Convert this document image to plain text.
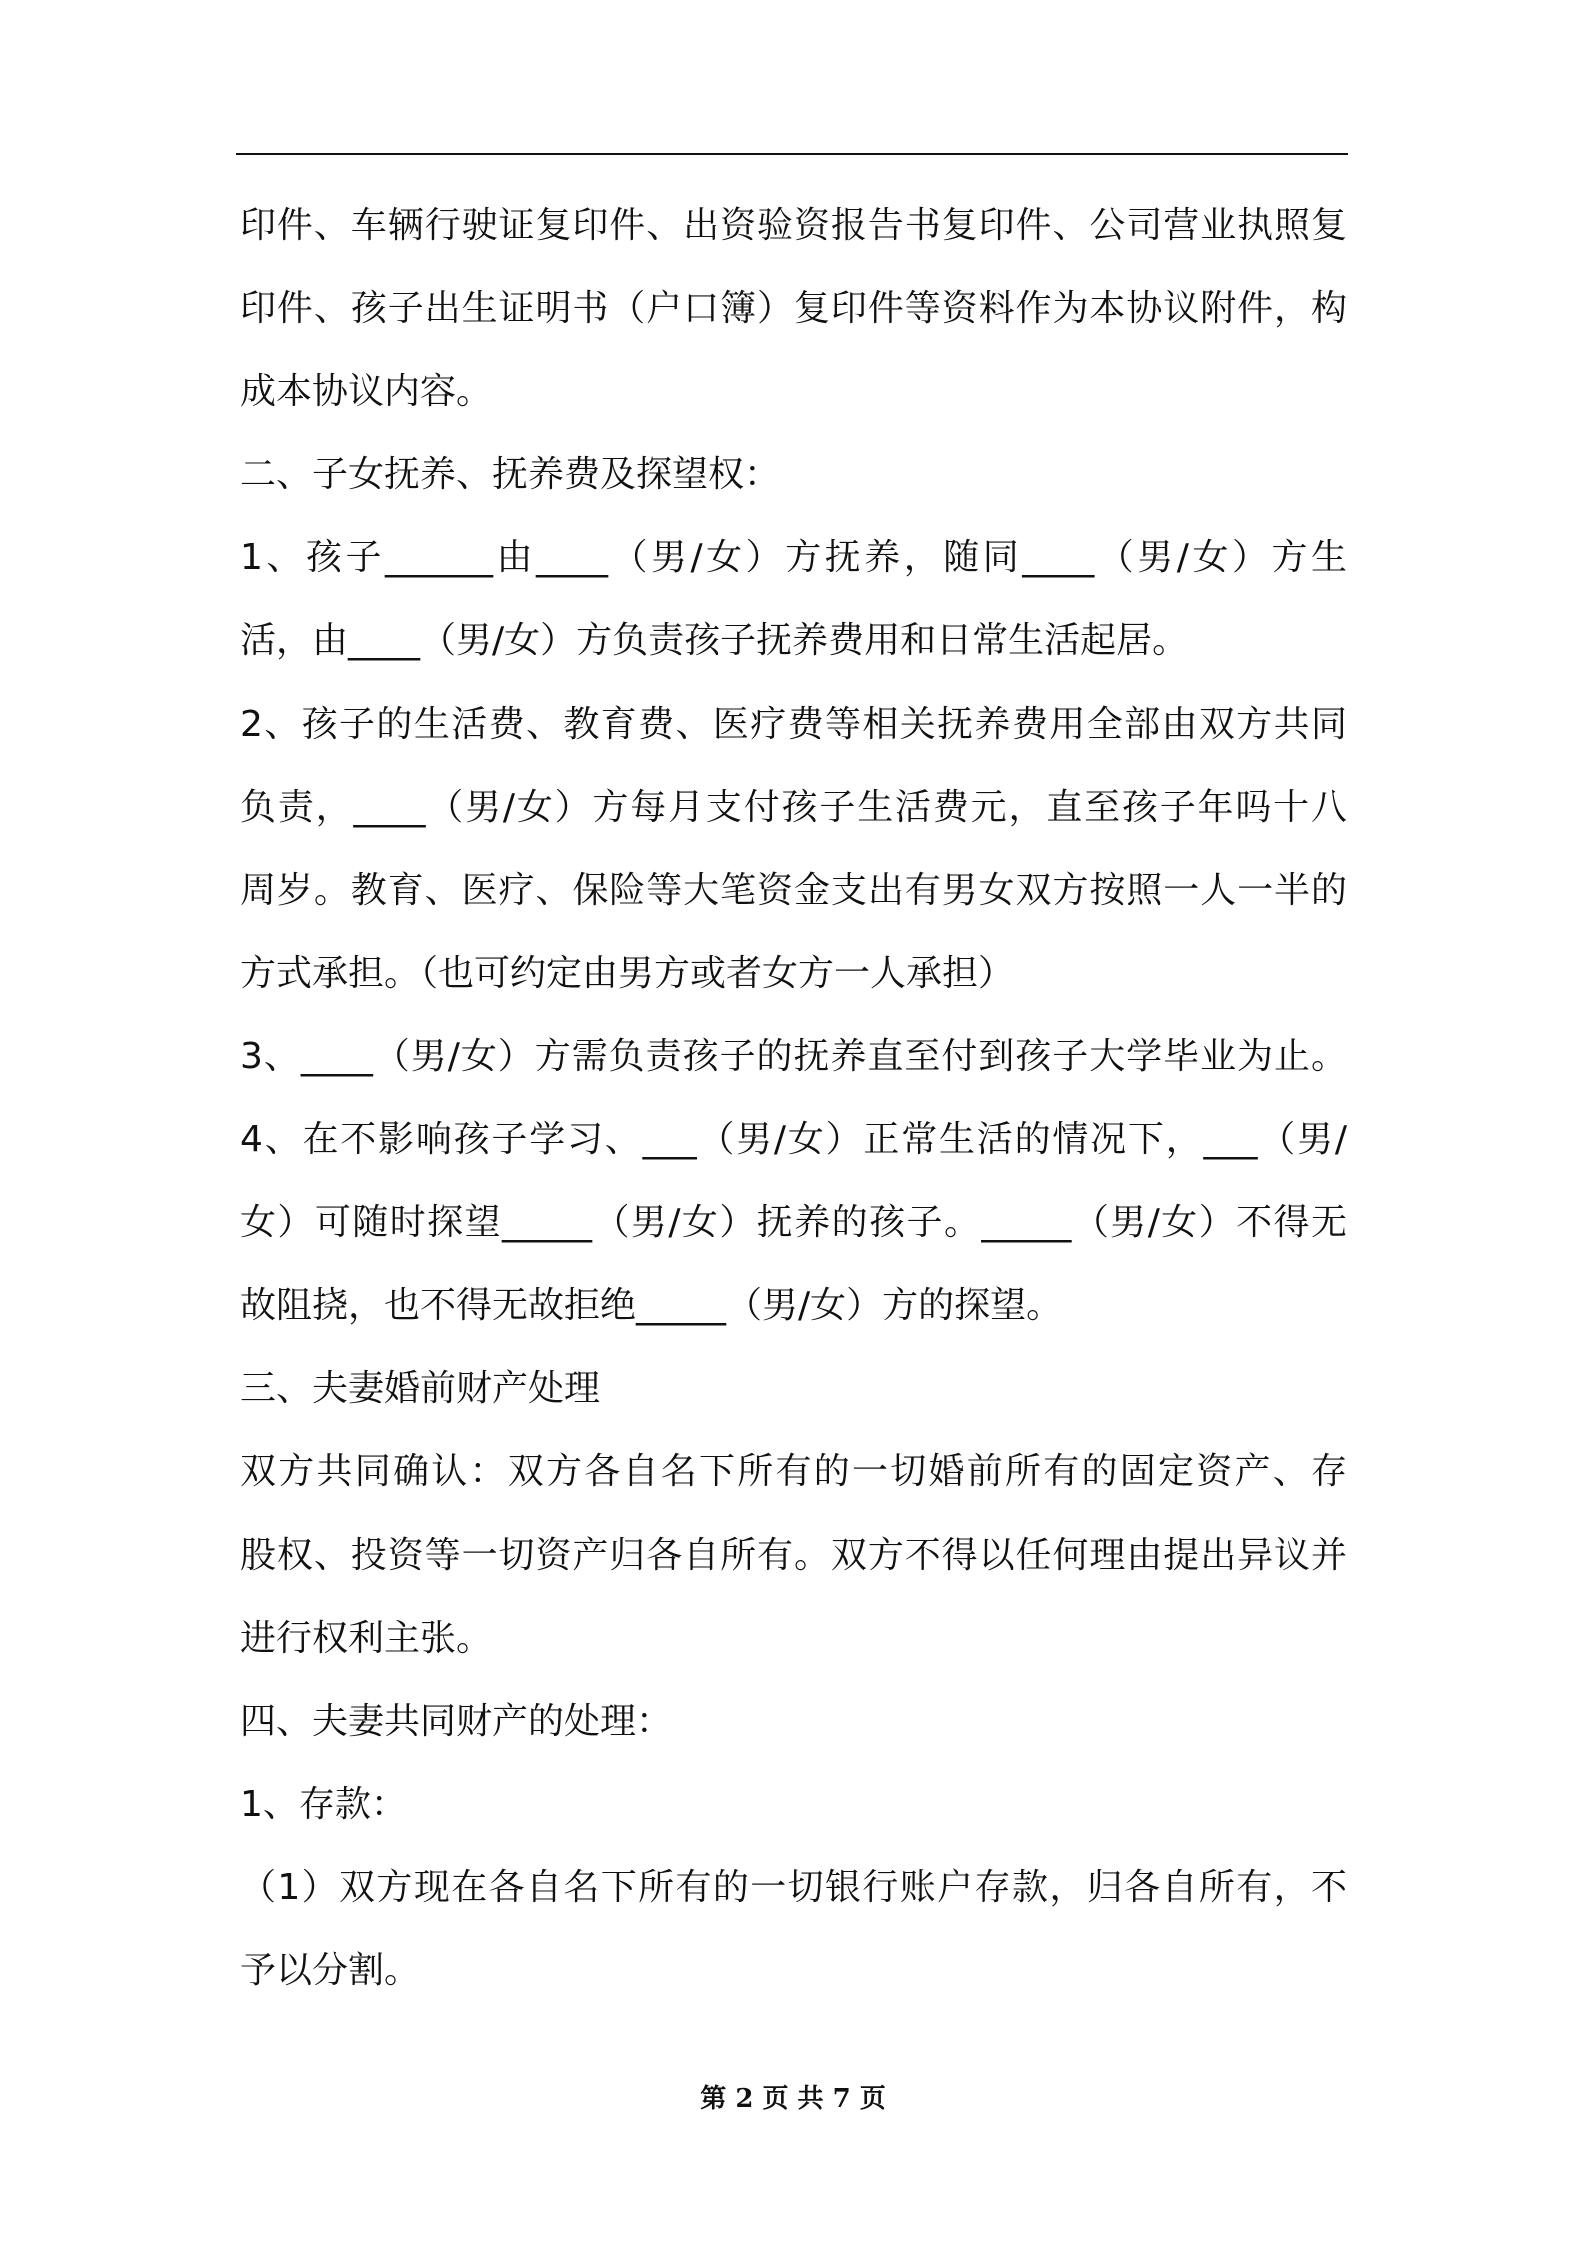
印件、车辆行驶证复印件、出资验资报告书复印件、公司营业执照复
印件、孩子出生证明书（户口簿）复印件等资料作为本协议附件，构
成本协议内容。
二、子女抚养、抚养费及探望权：
1、孩子______由____（男/女）方抚养，随同____（男/女）方生
活，由____（男/女）方负责孩子抚养费用和日常生活起居。
2、孩子的生活费、教育费、医疗费等相关抚养费用全部由双方共同
负责，____（男/女）方每月支付孩子生活费元，直至孩子年吗十八
周岁。教育、医疗、保险等大笔资金支出有男女双方按照一人一半的
方式承担。（也可约定由男方或者女方一人承担）
3、____（男/女）方需负责孩子的抚养直至付到孩子大学毕业为止。
4、在不影响孩子学习、___（男/女）正常生活的情况下，___（男/
女）可随时探望_____（男/女）抚养的孩子。_____（男/女）不得无
故阻挠，也不得无故拒绝_____（男/女）方的探望。
三、夫妻婚前财产处理
双方共同确认：双方各自名下所有的一切婚前所有的固定资产、存
股权、投资等一切资产归各自所有。双方不得以任何理由提出异议并
进行权利主张。
四、夫妻共同财产的处理：
1、存款：
（1）双方现在各自名下所有的一切银行账户存款，归各自所有，不
予以分割。
第 2 页 共 7 页
